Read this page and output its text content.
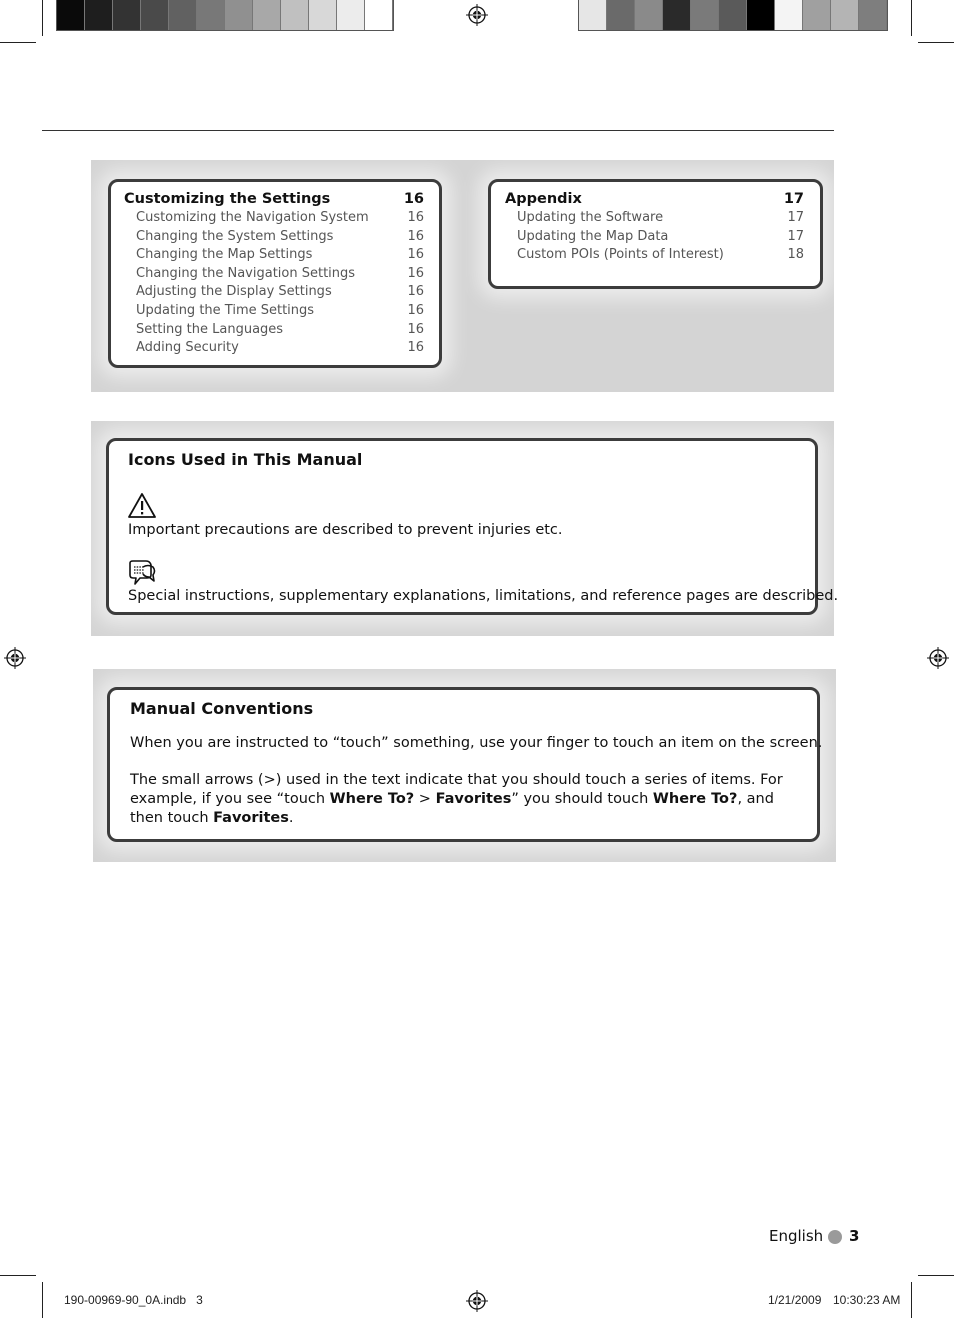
Customizing the Settings	16
Customizing the Navigation System	16
Changing the System Settings	16
Changing the Map Settings	16
Changing the Navigation Settings	16
Adjusting the Display Settings	16
Updating the Time Settings	16
Setting the Languages	16
Adding Security	16
Appendix	17
Updating the Software	17
Updating the Map Data	17
Custom POIs (Points of Interest)	18
Icons Used in This Manual
Important precautions are described to prevent injuries etc.
Special instructions, supplementary explanations, limitations, and reference pages are described.
Manual Conventions
When you are instructed to “touch” something, use your finger to touch an item on the screen.
The small arrows (>) used in the text indicate that you should touch a series of items. For example, if you see “touch Where To? > Favorites” you should touch Where To?, and then touch Favorites.
English 3
190-00969-90_0A.indb   3	1/21/2009 10:30:23 AM
